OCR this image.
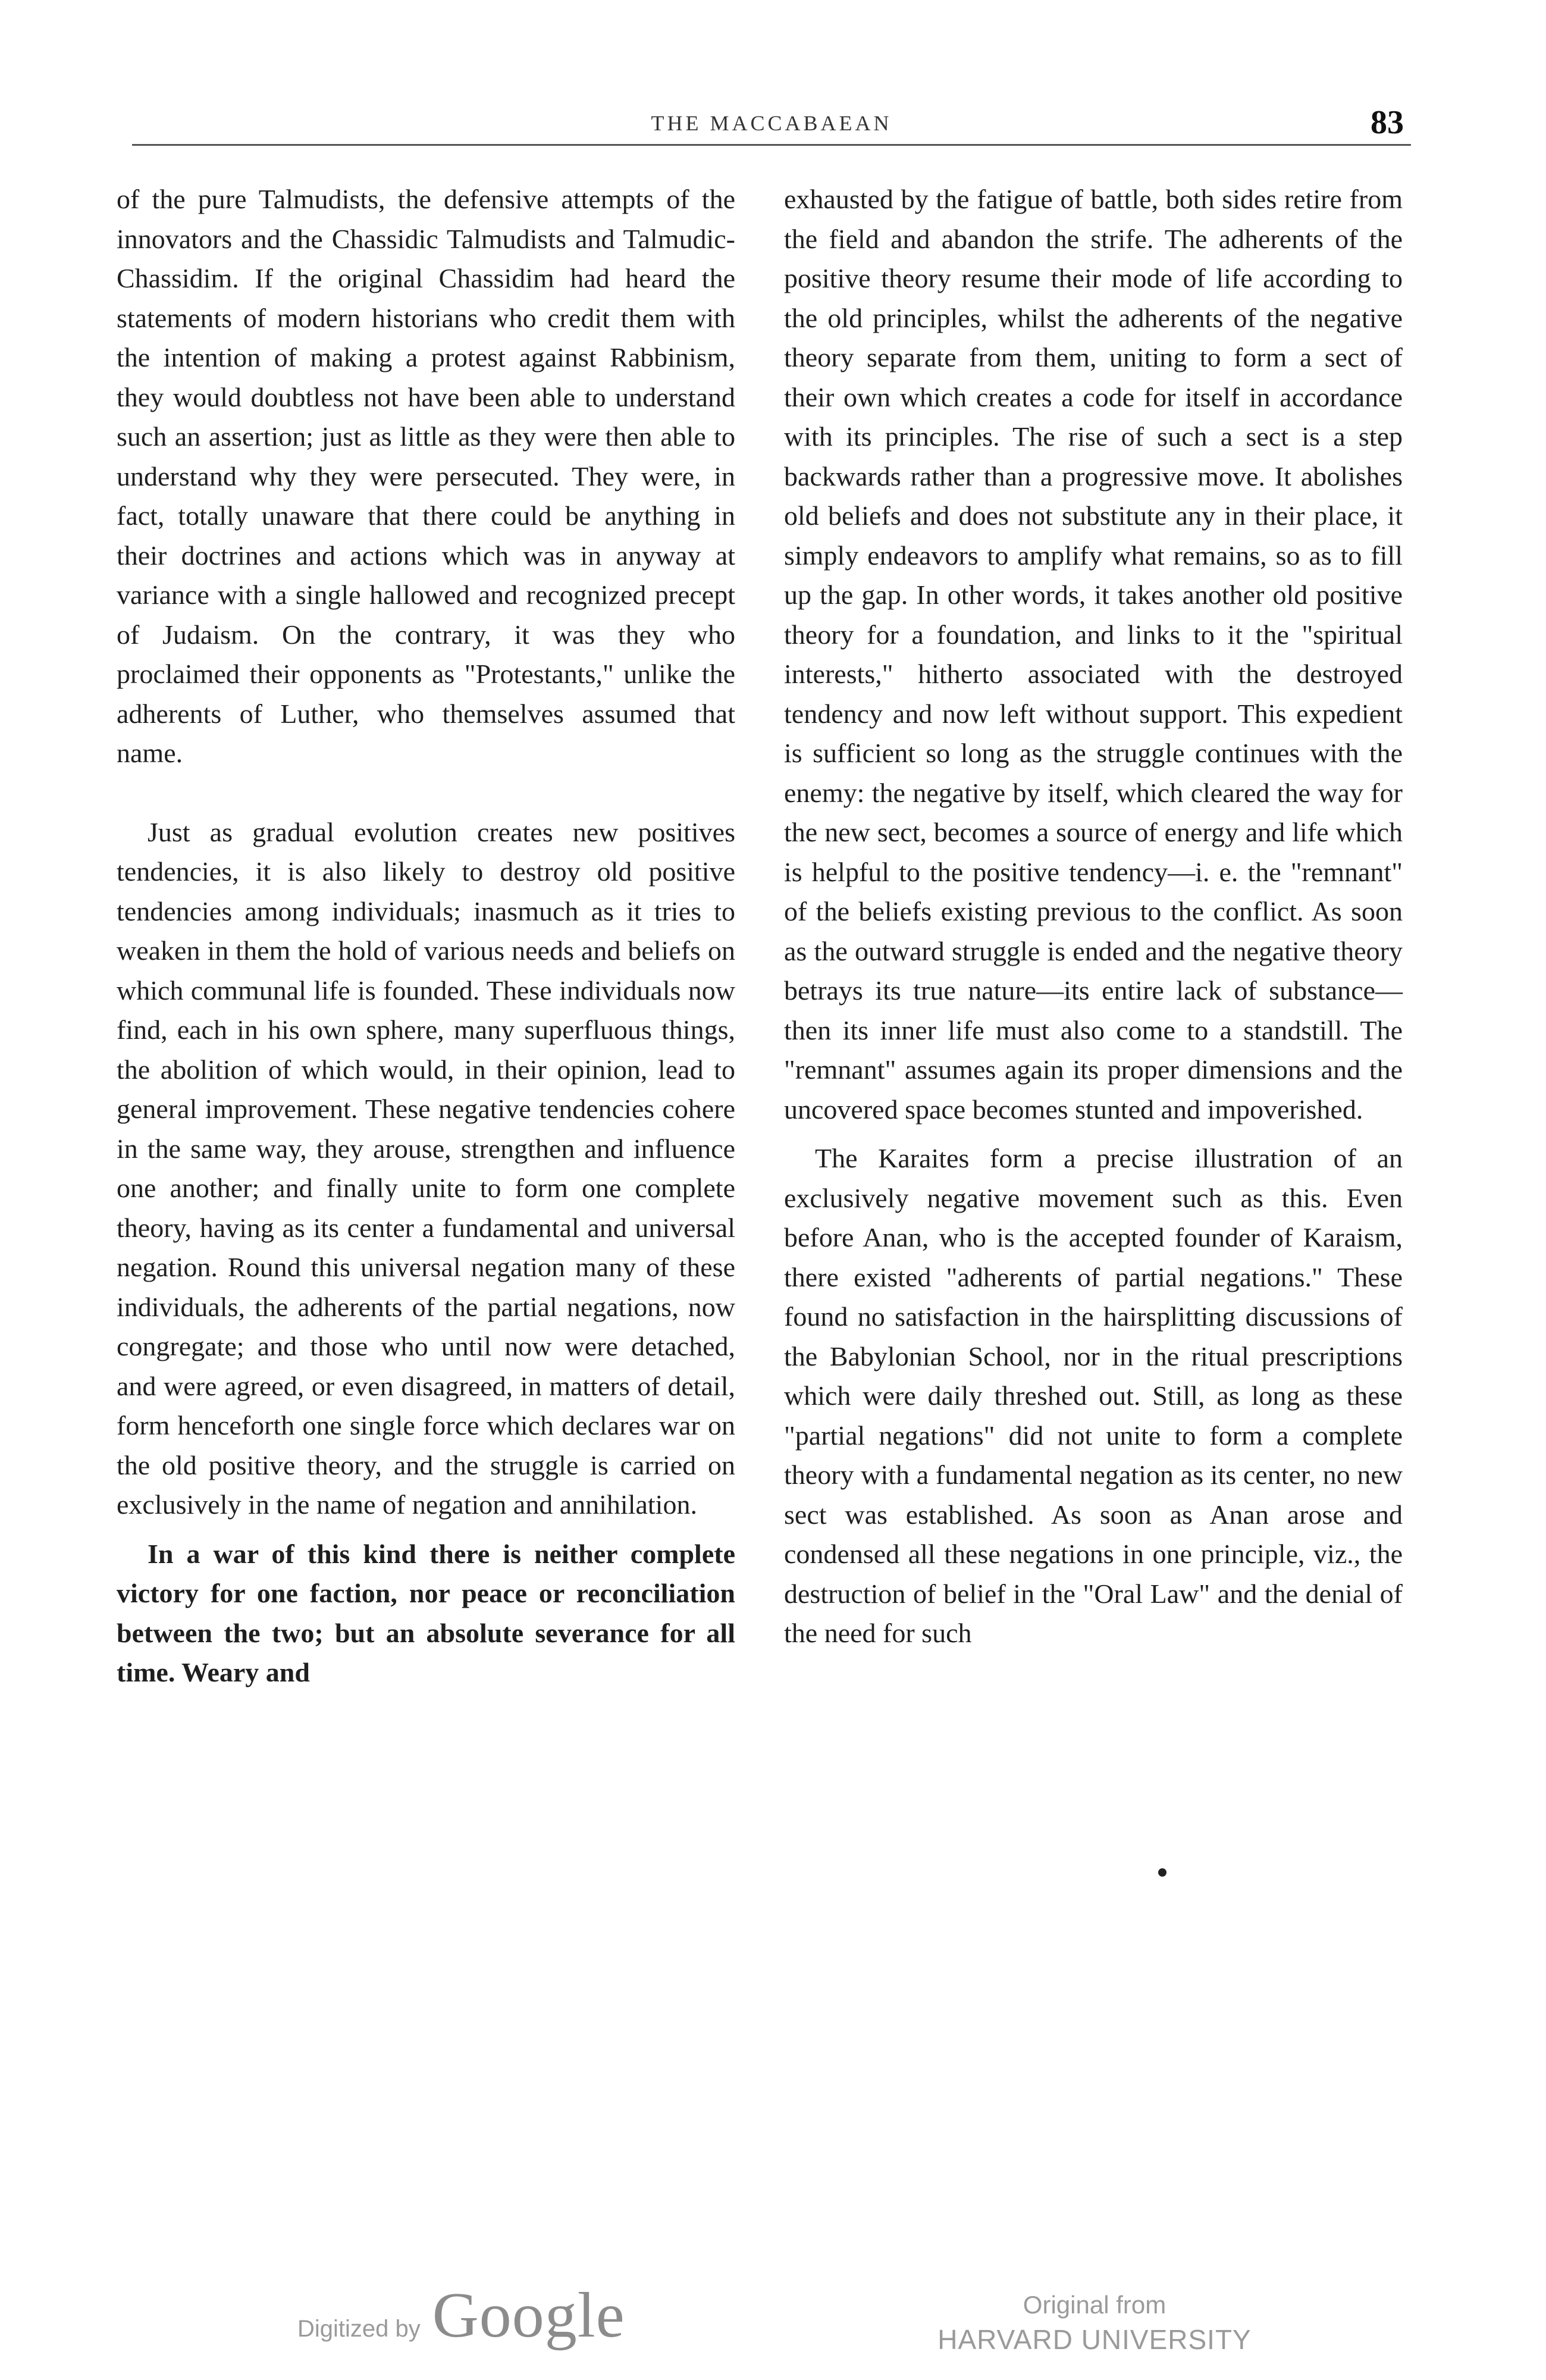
THE MACCABAEAN	83

of the pure Talmudists, the defensive attempts of the innovators and the Chassidic Talmudists and Talmudic-Chassidim. If the original Chassidim had heard the statements of modern historians who credit them with the intention of making a protest against Rabbinism, they would doubtless not have been able to understand such an assertion; just as little as they were then able to understand why they were persecuted. They were, in fact, totally unaware that there could be anything in their doctrines and actions which was in anyway at variance with a single hallowed and recognized precept of Judaism. On the contrary, it was they who proclaimed their opponents as "Protestants," unlike the adherents of Luther, who themselves assumed that name.

Just as gradual evolution creates new positives tendencies, it is also likely to destroy old positive tendencies among individuals; inasmuch as it tries to weaken in them the hold of various needs and beliefs on which communal life is founded. These individuals now find, each in his own sphere, many superfluous things, the abolition of which would, in their opinion, lead to general improvement. These negative tendencies cohere in the same way, they arouse, strengthen and influence one another; and finally unite to form one complete theory, having as its center a fundamental and universal negation. Round this universal negation many of these individuals, the adherents of the partial negations, now congregate; and those who until now were detached, and were agreed, or even disagreed, in matters of detail, form henceforth one single force which declares war on the old positive theory, and the struggle is carried on exclusively in the name of negation and annihilation.

In a war of this kind there is neither complete victory for one faction, nor peace or reconciliation between the two; but an absolute severance for all time. Weary and

exhausted by the fatigue of battle, both sides retire from the field and abandon the strife. The adherents of the positive theory resume their mode of life according to the old principles, whilst the adherents of the negative theory separate from them, uniting to form a sect of their own which creates a code for itself in accordance with its principles. The rise of such a sect is a step backwards rather than a progressive move. It abolishes old beliefs and does not substitute any in their place, it simply endeavors to amplify what remains, so as to fill up the gap. In other words, it takes another old positive theory for a foundation, and links to it the "spiritual interests," hitherto associated with the destroyed tendency and now left without support. This expedient is sufficient so long as the struggle continues with the enemy: the negative by itself, which cleared the way for the new sect, becomes a source of energy and life which is helpful to the positive tendency—i. e. the "remnant" of the beliefs existing previous to the conflict. As soon as the outward struggle is ended and the negative theory betrays its true nature—its entire lack of substance—then its inner life must also come to a standstill. The "remnant" assumes again its proper dimensions and the uncovered space becomes stunted and impoverished.

The Karaites form a precise illustration of an exclusively negative movement such as this. Even before Anan, who is the accepted founder of Karaism, there existed "adherents of partial negations." These found no satisfaction in the hairsplitting discussions of the Babylonian School, nor in the ritual prescriptions which were daily threshed out. Still, as long as these "partial negations" did not unite to form a complete theory with a fundamental negation as its center, no new sect was established. As soon as Anan arose and condensed all these negations in one principle, viz., the destruction of belief in the "Oral Law" and the denial of the need for such

Digitized by Google	Original from
HARVARD UNIVERSITY
